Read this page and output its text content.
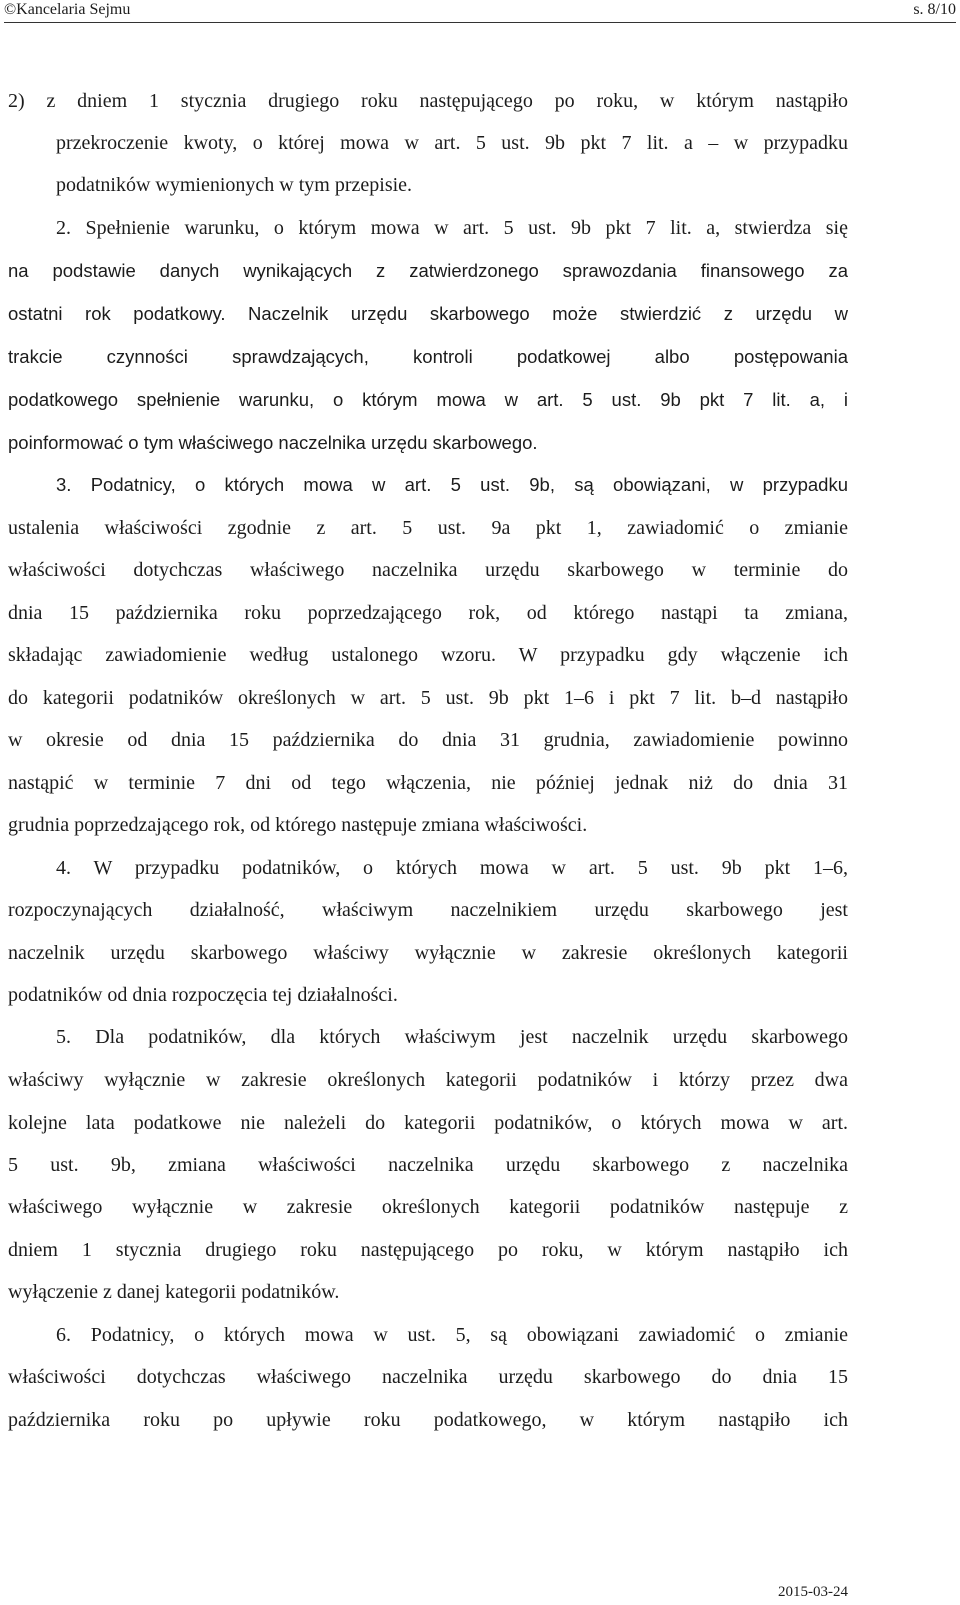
©Kancelaria Sejmu	s. 8/10
2) z dniem 1 stycznia drugiego roku następującego po roku, w którym nastąpiło
przekroczenie kwoty, o której mowa w art. 5 ust. 9b pkt 7 lit. a – w przypadku
podatników wymienionych w tym przepisie.
2. Spełnienie warunku, o którym mowa w art. 5 ust. 9b pkt 7 lit. a, stwierdza się
na podstawie danych wynikających z zatwierdzonego sprawozdania finansowego za
ostatni rok podatkowy. Naczelnik urzędu skarbowego może stwierdzić z urzędu w
trakcie czynności sprawdzających, kontroli podatkowej albo postępowania
podatkowego spełnienie warunku, o którym mowa w art. 5 ust. 9b pkt 7 lit. a, i
poinformować o tym właściwego naczelnika urzędu skarbowego.
3. Podatnicy, o których mowa w art. 5 ust. 9b, są obowiązani, w przypadku
ustalenia właściwości zgodnie z art. 5 ust. 9a pkt 1, zawiadomić o zmianie
właściwości dotychczas właściwego naczelnika urzędu skarbowego w terminie do
dnia 15 października roku poprzedzającego rok, od którego nastąpi ta zmiana,
składając zawiadomienie według ustalonego wzoru. W przypadku gdy włączenie ich
do kategorii podatników określonych w art. 5 ust. 9b pkt 1–6 i pkt 7 lit. b–d nastąpiło
w okresie od dnia 15 października do dnia 31 grudnia, zawiadomienie powinno
nastąpić w terminie 7 dni od tego włączenia, nie później jednak niż do dnia 31
grudnia poprzedzającego rok, od którego następuje zmiana właściwości.
4. W przypadku podatników, o których mowa w art. 5 ust. 9b pkt 1–6,
rozpoczynających działalność, właściwym naczelnikiem urzędu skarbowego jest
naczelnik urzędu skarbowego właściwy wyłącznie w zakresie określonych kategorii
podatników od dnia rozpoczęcia tej działalności.
5. Dla podatników, dla których właściwym jest naczelnik urzędu skarbowego
właściwy wyłącznie w zakresie określonych kategorii podatników i którzy przez dwa
kolejne lata podatkowe nie należeli do kategorii podatników, o których mowa w art.
5 ust. 9b, zmiana właściwości naczelnika urzędu skarbowego z naczelnika
właściwego wyłącznie w zakresie określonych kategorii podatników następuje z
dniem 1 stycznia drugiego roku następującego po roku, w którym nastąpiło ich
wyłączenie z danej kategorii podatników.
6. Podatnicy, o których mowa w ust. 5, są obowiązani zawiadomić o zmianie
właściwości dotychczas właściwego naczelnika urzędu skarbowego do dnia 15
października roku po upływie roku podatkowego, w którym nastąpiło ich
2015-03-24
